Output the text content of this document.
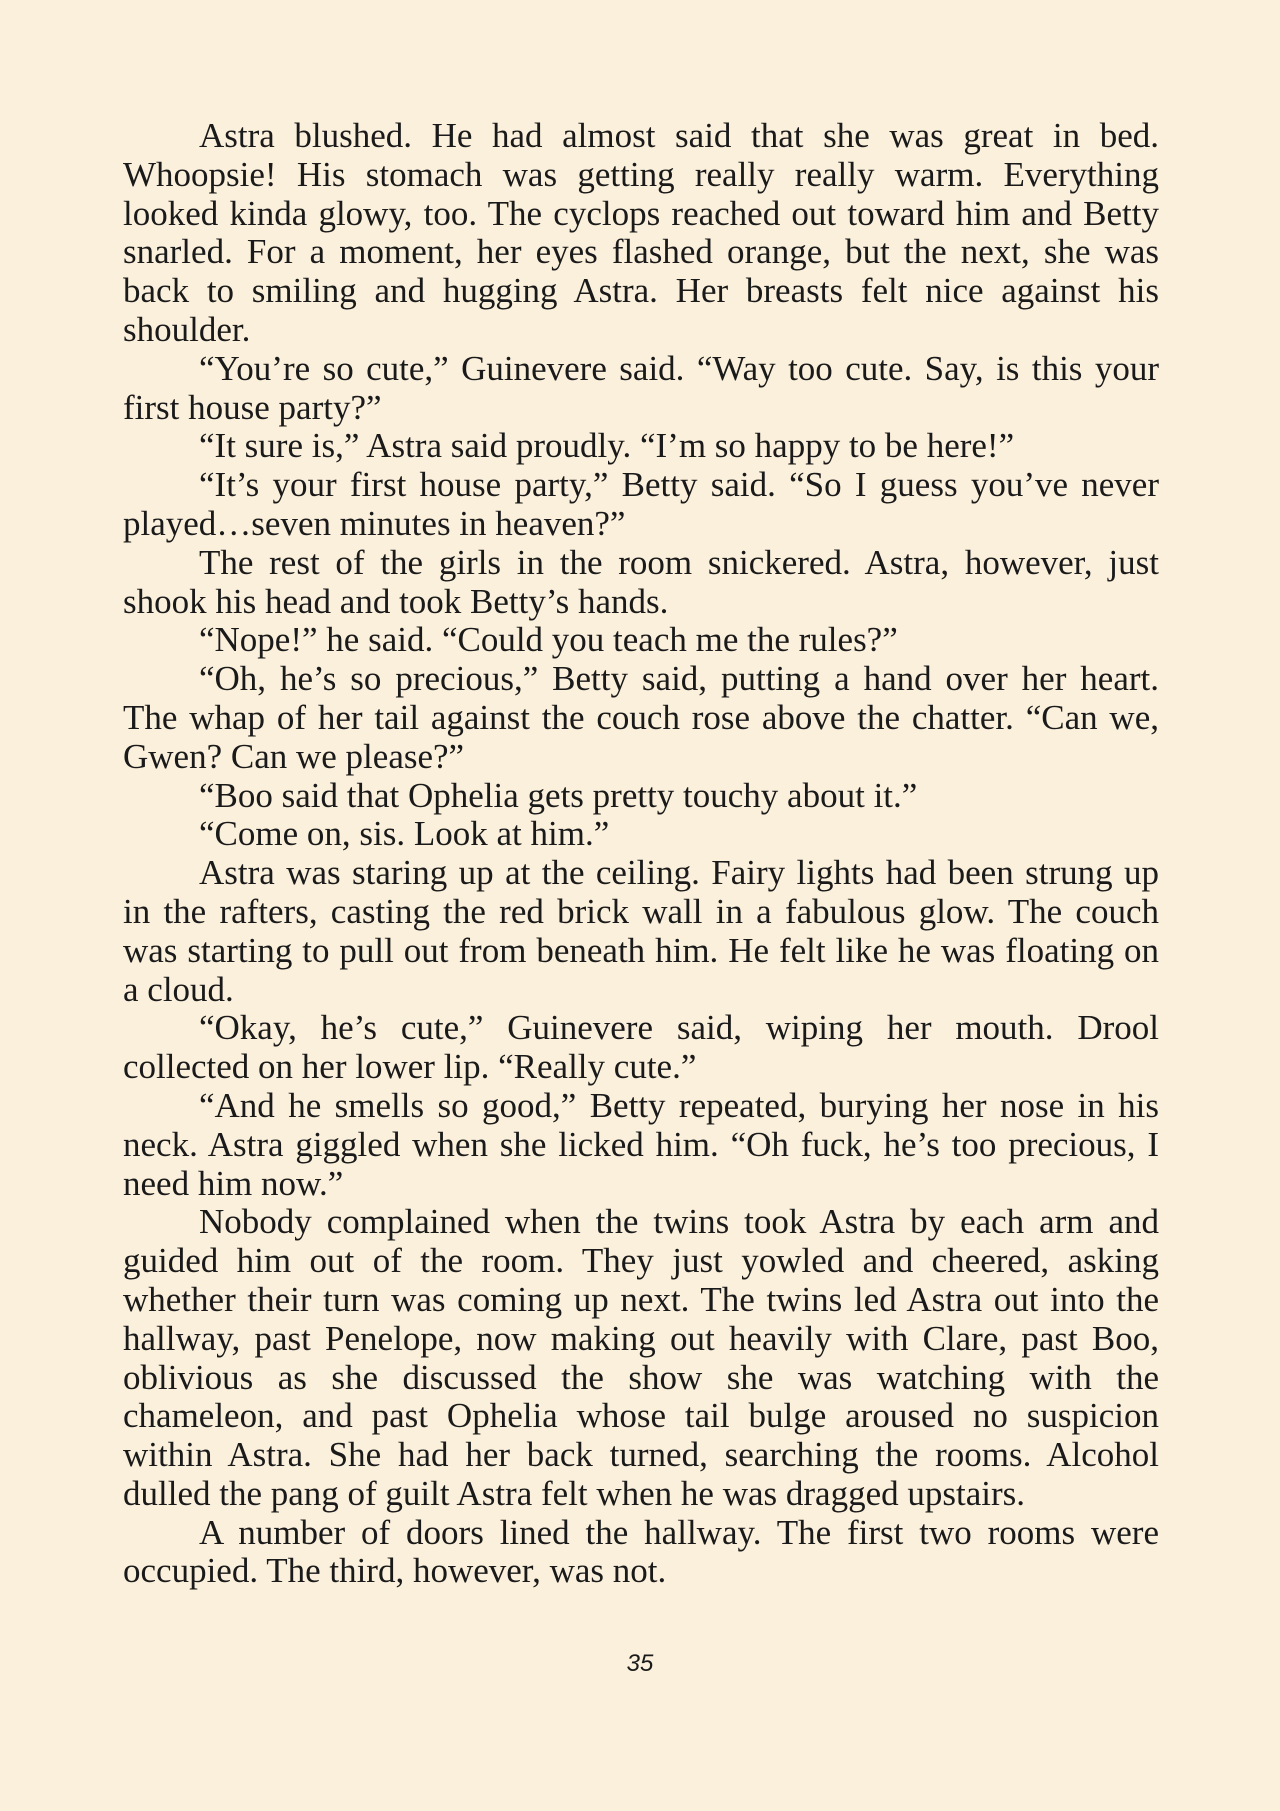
Astra blushed. He had almost said that she was great in bed. Whoopsie! His stomach was getting really really warm. Everything looked kinda glowy, too. The cyclops reached out toward him and Betty snarled. For a moment, her eyes flashed orange, but the next, she was back to smiling and hugging Astra. Her breasts felt nice against his shoulder.

“You’re so cute,” Guinevere said. “Way too cute. Say, is this your first house party?”

“It sure is,” Astra said proudly. “I’m so happy to be here!”

“It’s your first house party,” Betty said. “So I guess you’ve never played…seven minutes in heaven?”

The rest of the girls in the room snickered. Astra, however, just shook his head and took Betty’s hands.

“Nope!” he said. “Could you teach me the rules?”

“Oh, he’s so precious,” Betty said, putting a hand over her heart. The whap of her tail against the couch rose above the chatter. “Can we, Gwen? Can we please?”

“Boo said that Ophelia gets pretty touchy about it.”

“Come on, sis. Look at him.”

Astra was staring up at the ceiling. Fairy lights had been strung up in the rafters, casting the red brick wall in a fabulous glow. The couch was starting to pull out from beneath him. He felt like he was floating on a cloud.

“Okay, he’s cute,” Guinevere said, wiping her mouth. Drool collected on her lower lip. “Really cute.”

“And he smells so good,” Betty repeated, burying her nose in his neck. Astra giggled when she licked him. “Oh fuck, he’s too precious, I need him now.”

Nobody complained when the twins took Astra by each arm and guided him out of the room. They just yowled and cheered, asking whether their turn was coming up next. The twins led Astra out into the hallway, past Penelope, now making out heavily with Clare, past Boo, oblivious as she discussed the show she was watching with the chameleon, and past Ophelia whose tail bulge aroused no suspicion within Astra. She had her back turned, searching the rooms. Alcohol dulled the pang of guilt Astra felt when he was dragged upstairs.

A number of doors lined the hallway. The first two rooms were occupied. The third, however, was not.

35
